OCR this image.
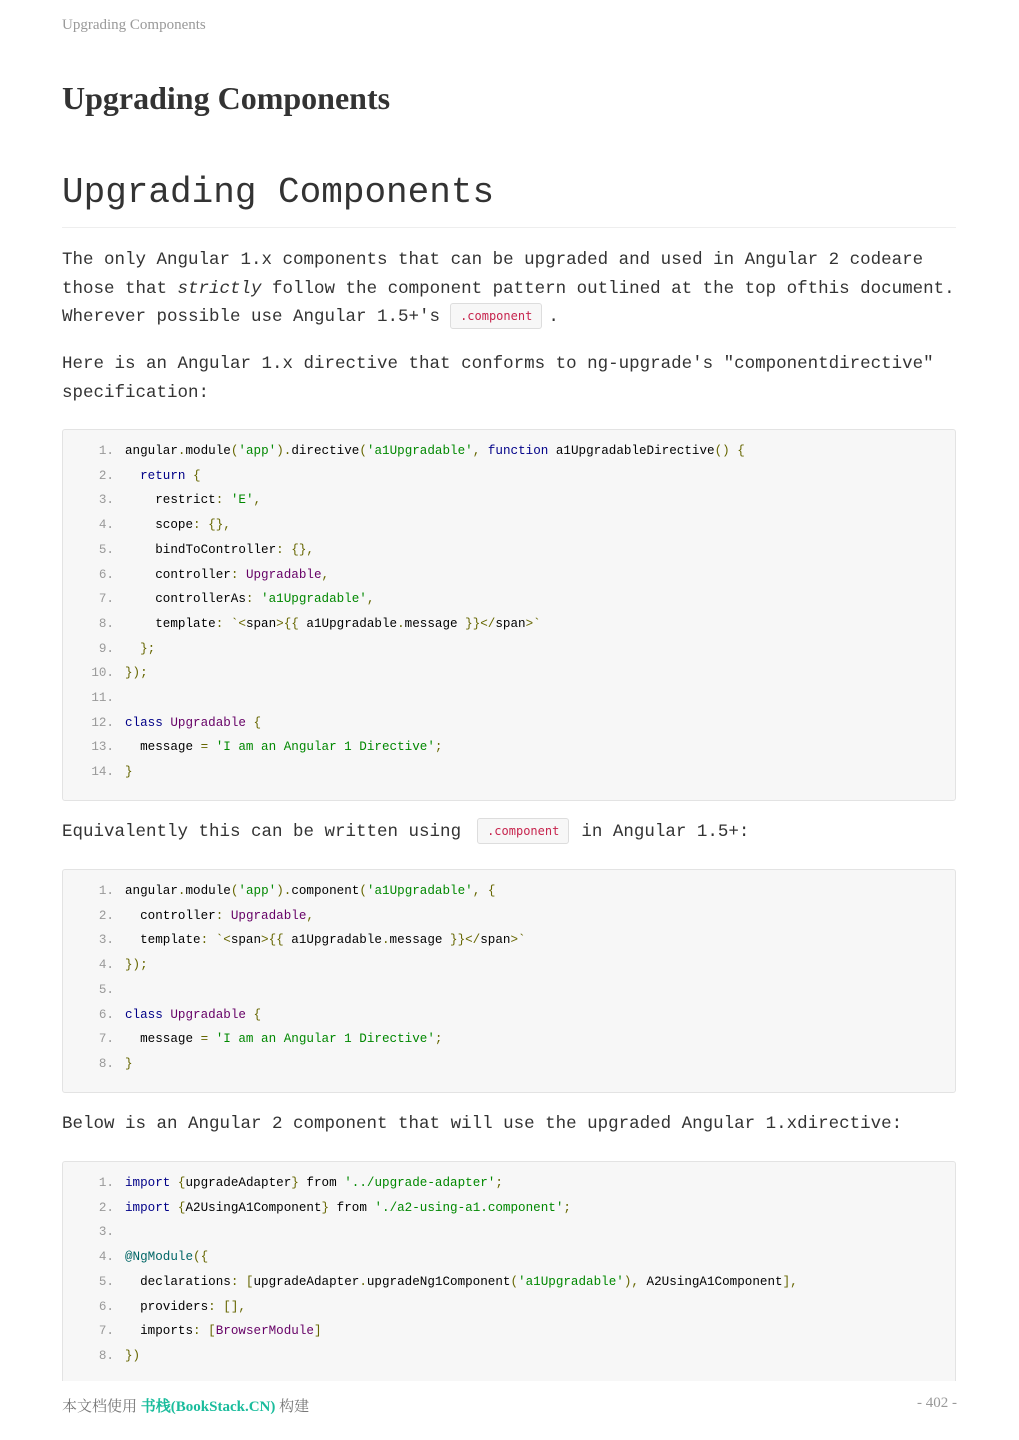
Upgrading Components
Upgrading Components
Upgrading Components
The only Angular 1.x components that can be upgraded and used in Angular 2 codeare
those that strictly follow the component pattern outlined at the top ofthis document.
Wherever possible use Angular 1.5+'s .component .
Here is an Angular 1.x directive that conforms to ng-upgrade's "componentdirective"
specification:
1. angular.module('app').directive('a1Upgradable', function a1UpgradableDirective() {
2.	return {
3. restrict: 'E',
4. scope: {},
5. bindToController: {},
6. controller: Upgradable,
7. controllerAs: 'a1Upgradable',
8. template: `<span>{{ a1Upgradable.message }}</span>`
9. };
10. });
11.
12. class Upgradable {
13. message = 'I am an Angular 1 Directive';
14. }
Equivalently this can be written using .component in Angular 1.5+:
1. angular.module('app').component('a1Upgradable', {
2. controller: Upgradable,
3. template: `<span>{{ a1Upgradable.message }}</span>`
4. });
5.
6. class Upgradable {
7. message = 'I am an Angular 1 Directive';
8. }
Below is an Angular 2 component that will use the upgraded Angular 1.xdirective:
1. import {upgradeAdapter} from '../upgrade-adapter';
2. import {A2UsingA1Component} from './a2-using-a1.component';
3.
4. @NgModule({
5. declarations: [upgradeAdapter.upgradeNg1Component('a1Upgradable'), A2UsingA1Component],
6. providers: [],
7. imports: [BrowserModule]
8. })
本文档使用 书栈(BookStack.CN) 构建	- 402 -
